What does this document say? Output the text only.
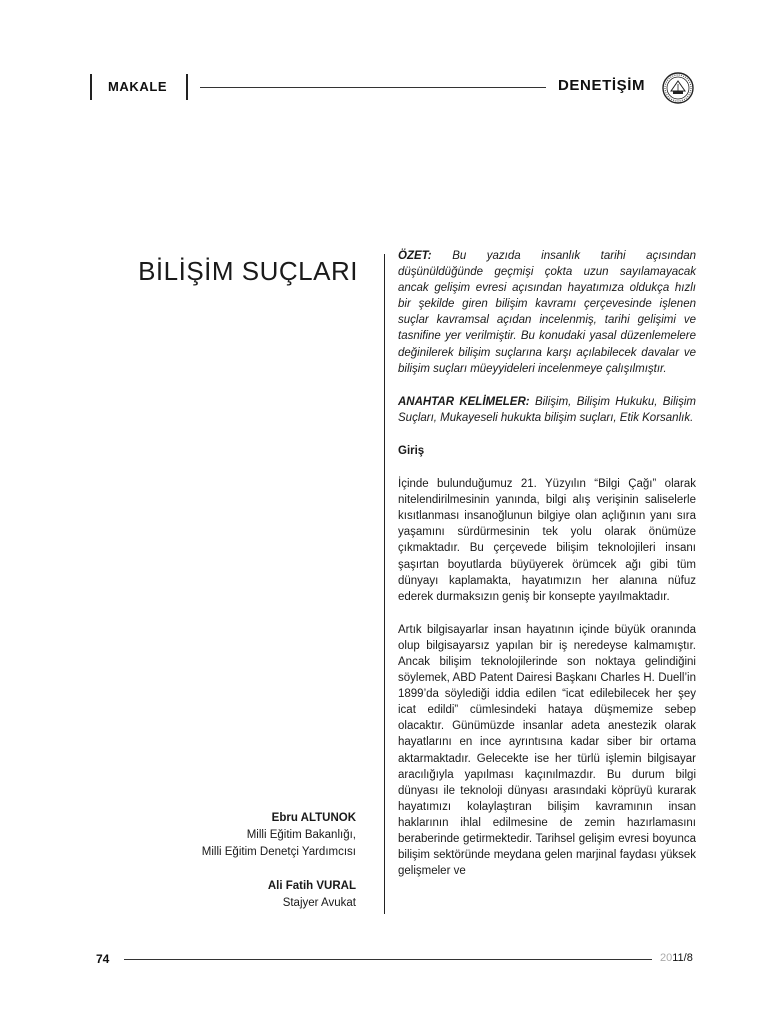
MAKALE	DENETİŞİM
BİLİŞİM SUÇLARI	ÖZET: Bu yazıda insanlık tarihi açısından düşünüldüğünde geçmişi çokta uzun sayılamayacak ancak gelişim evresi açısından hayatımıza oldukça hızlı bir şekilde giren bilişim kavramı çerçevesinde işlenen suçlar kavramsal açıdan incelenmiş, tarihi gelişimi ve tasnifine yer verilmiştir. Bu konudaki yasal düzenlemelere değinilerek bilişim suçlarına karşı açılabilecek davalar ve bilişim suçları müeyyideleri incelenmeye çalışılmıştır.

ANAHTAR KELİMELER: Bilişim, Bilişim Hukuku, Bilişim Suçları, Mukayeseli hukukta bilişim suçları, Etik Korsanlık.

Giriş

İçinde bulunduğumuz 21. Yüzyılın “Bilgi Çağı” olarak nitelendirilmesinin yanında, bilgi alış verişinin saliselerle kısıtlanması insanoğlunun bilgiye olan açlığının yanı sıra yaşamını sürdürmesinin tek yolu olarak önümüze çıkmaktadır. Bu çerçevede bilişim teknolojileri insanı şaşırtan boyutlarda büyüyerek örümcek ağı gibi tüm dünyayı kaplamakta, hayatımızın her alanına nüfuz ederek durmaksızın geniş bir konsepte yayılmaktadır.

Artık bilgisayarlar insan hayatının içinde büyük oranında olup bilgisayarsız yapılan bir iş neredeyse kalmamıştır. Ancak bilişim teknolojilerinde son noktaya gelindiğini söylemek, ABD Patent Dairesi Başkanı Charles H. Duell’in 1899’da söylediği iddia edilen “icat edilebilecek her şey icat edildi” cümlesindeki hataya düşmemize sebep olacaktır. Günümüzde insanlar adeta anestezik olarak hayatlarını en ince ayrıntısına kadar siber bir ortama aktarmaktadır. Gelecekte ise her türlü işlemin bilgisayar aracılığıyla yapılması kaçınılmazdır. Bu durum bilgi dünyası ile teknoloji dünyası arasındaki köprüyü kurarak hayatımızı kolaylaştıran bilişim kavramının insan haklarının ihlal edilmesine de zemin hazırlamasını beraberinde getirmektedir. Tarihsel gelişim evresi boyunca bilişim sektöründe meydana gelen marjinal faydası yüksek gelişmeler ve

Ebru ALTUNOK
Milli Eğitim Bakanlığı,
Milli Eğitim Denetçi Yardımcısı
Ali Fatih VURAL
Stajyer Avukat
74	2011/8
